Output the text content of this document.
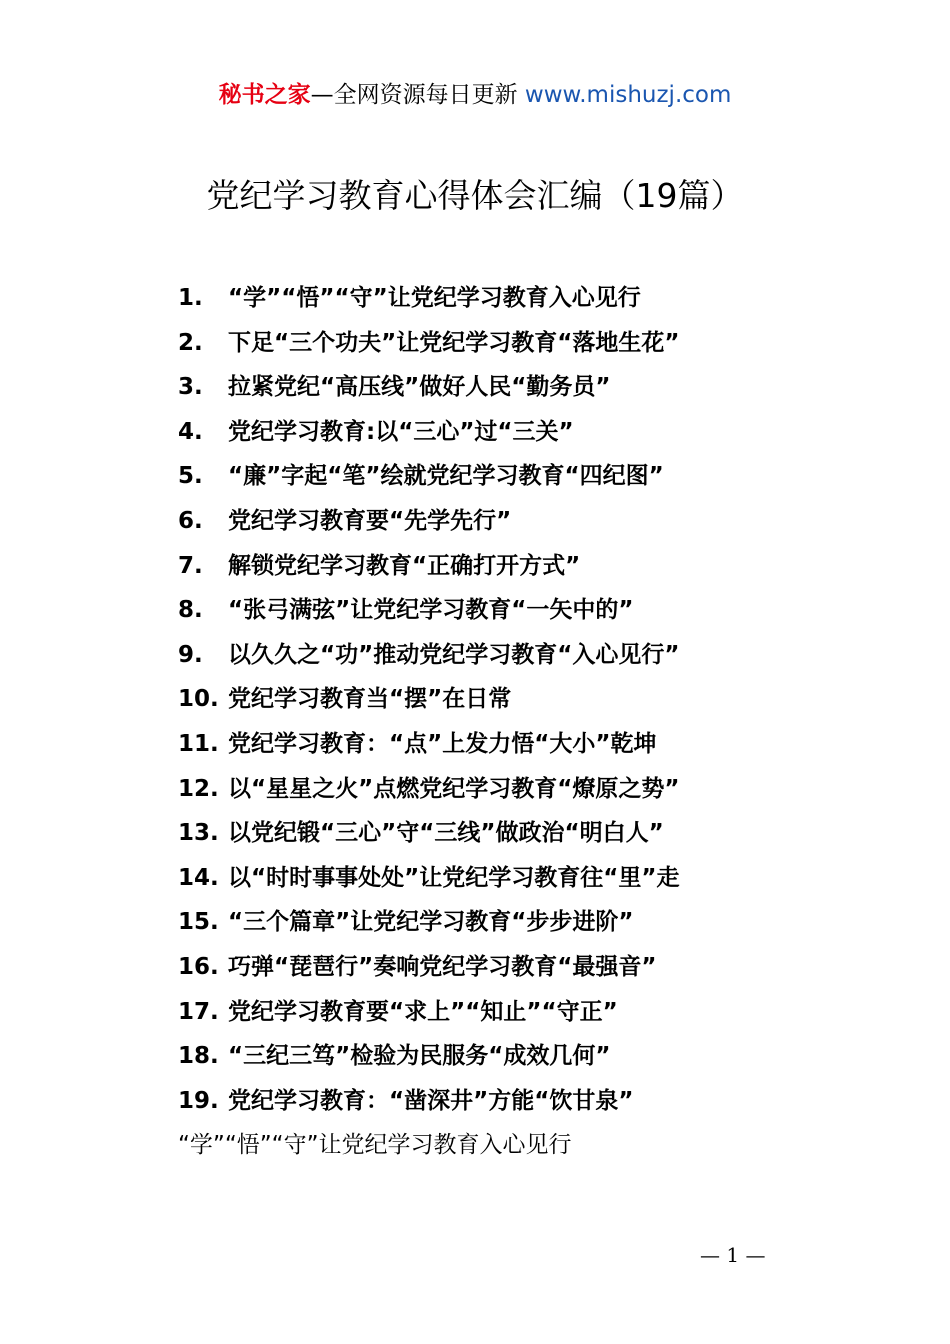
秘书之家—全网资源每日更新 www.mishuzj.com
党纪学习教育心得体会汇编（19篇）
1.	“学”“悟”“守”让党纪学习教育入心见行
2.	下足“三个功夫”让党纪学习教育“落地生花”
3.	拉紧党纪“高压线”做好人民“勤务员”
4.	党纪学习教育:以“三心”过“三关”
5.	“廉”字起“笔”绘就党纪学习教育“四纪图”
6.	党纪学习教育要“先学先行”
7.	解锁党纪学习教育“正确打开方式”
8.	“张弓满弦”让党纪学习教育“一矢中的”
9.	以久久之“功”推动党纪学习教育“入心见行”
10. 党纪学习教育当“摆”在日常
11. 党纪学习教育：“点”上发力悟“大小”乾坤
12. 以“星星之火”点燃党纪学习教育“燎原之势”
13. 以党纪锻“三心”守“三线”做政治“明白人”
14. 以“时时事事处处”让党纪学习教育往“里”走
15. “三个篇章”让党纪学习教育“步步进阶”
16. 巧弹“琵琶行”奏响党纪学习教育“最强音”
17. 党纪学习教育要“求上”“知止”“守正”
18. “三纪三笃”检验为民服务“成效几何”
19. 党纪学习教育：“凿深井”方能“饮甘泉”
“学”“悟”“守”让党纪学习教育入心见行
— 1 —
